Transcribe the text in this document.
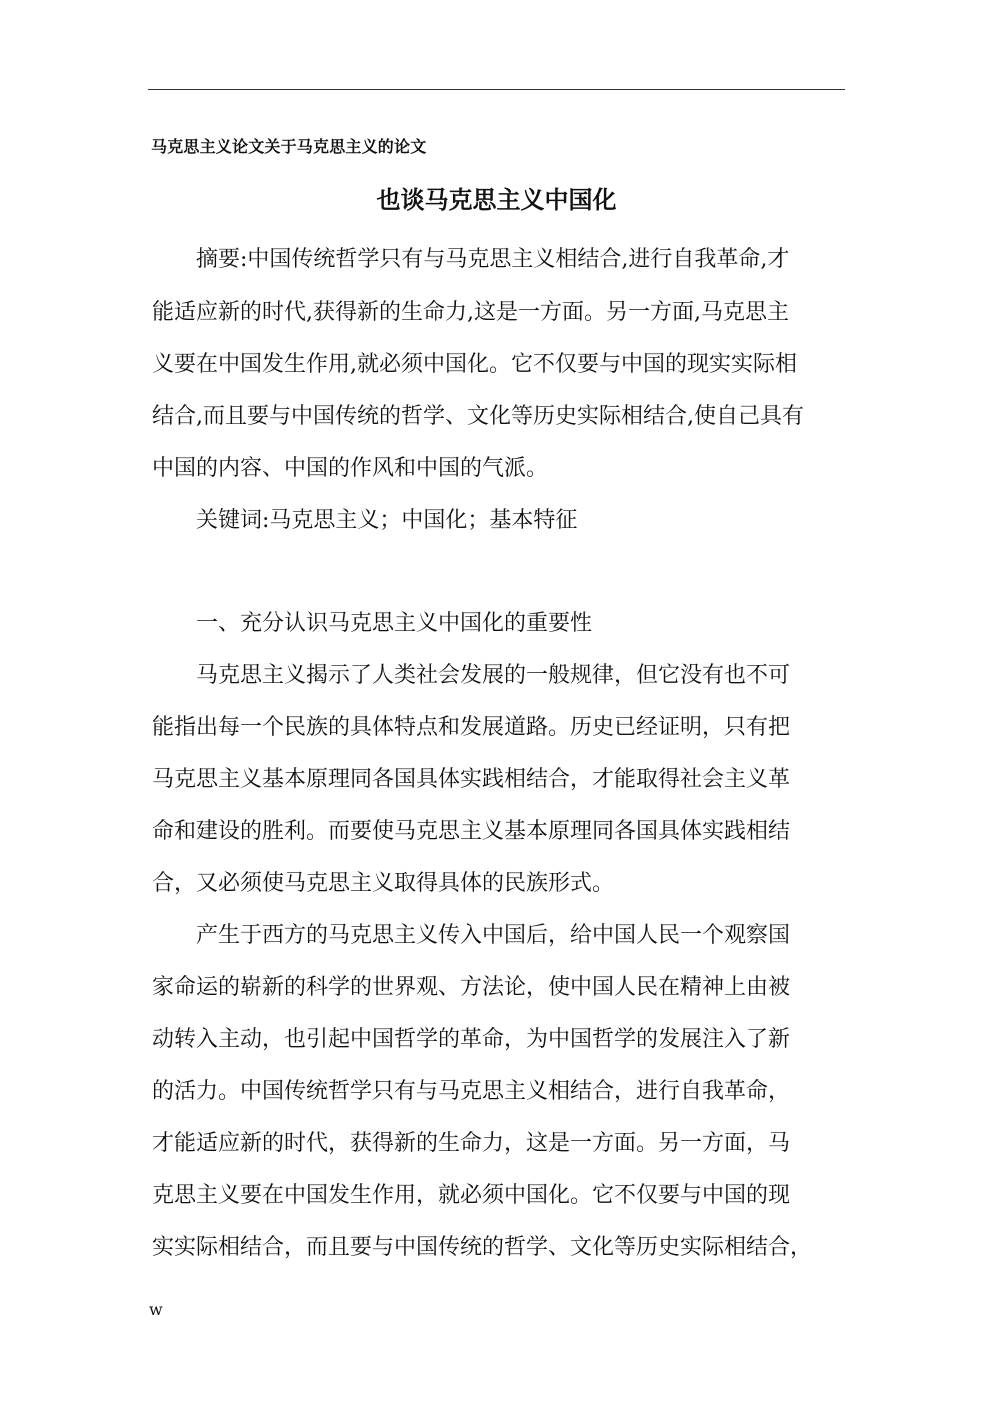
马克思主义论文关于马克思主义的论文
也谈马克思主义中国化
摘要:中国传统哲学只有与马克思主义相结合,进行自我革命,才
能适应新的时代,获得新的生命力,这是一方面。另一方面,马克思主
义要在中国发生作用,就必须中国化。它不仅要与中国的现实实际相
结合,而且要与中国传统的哲学、文化等历史实际相结合,使自己具有
中国的内容、中国的作风和中国的气派。
关键词:马克思主义；中国化；基本特征
一、充分认识马克思主义中国化的重要性
马克思主义揭示了人类社会发展的一般规律，但它没有也不可
能指出每一个民族的具体特点和发展道路。历史已经证明，只有把
马克思主义基本原理同各国具体实践相结合，才能取得社会主义革
命和建设的胜利。而要使马克思主义基本原理同各国具体实践相结
合，又必须使马克思主义取得具体的民族形式。
产生于西方的马克思主义传入中国后，给中国人民一个观察国
家命运的崭新的科学的世界观、方法论，使中国人民在精神上由被
动转入主动，也引起中国哲学的革命，为中国哲学的发展注入了新
的活力。中国传统哲学只有与马克思主义相结合，进行自我革命，
才能适应新的时代，获得新的生命力，这是一方面。另一方面，马
克思主义要在中国发生作用，就必须中国化。它不仅要与中国的现
实实际相结合，而且要与中国传统的哲学、文化等历史实际相结合，
w
